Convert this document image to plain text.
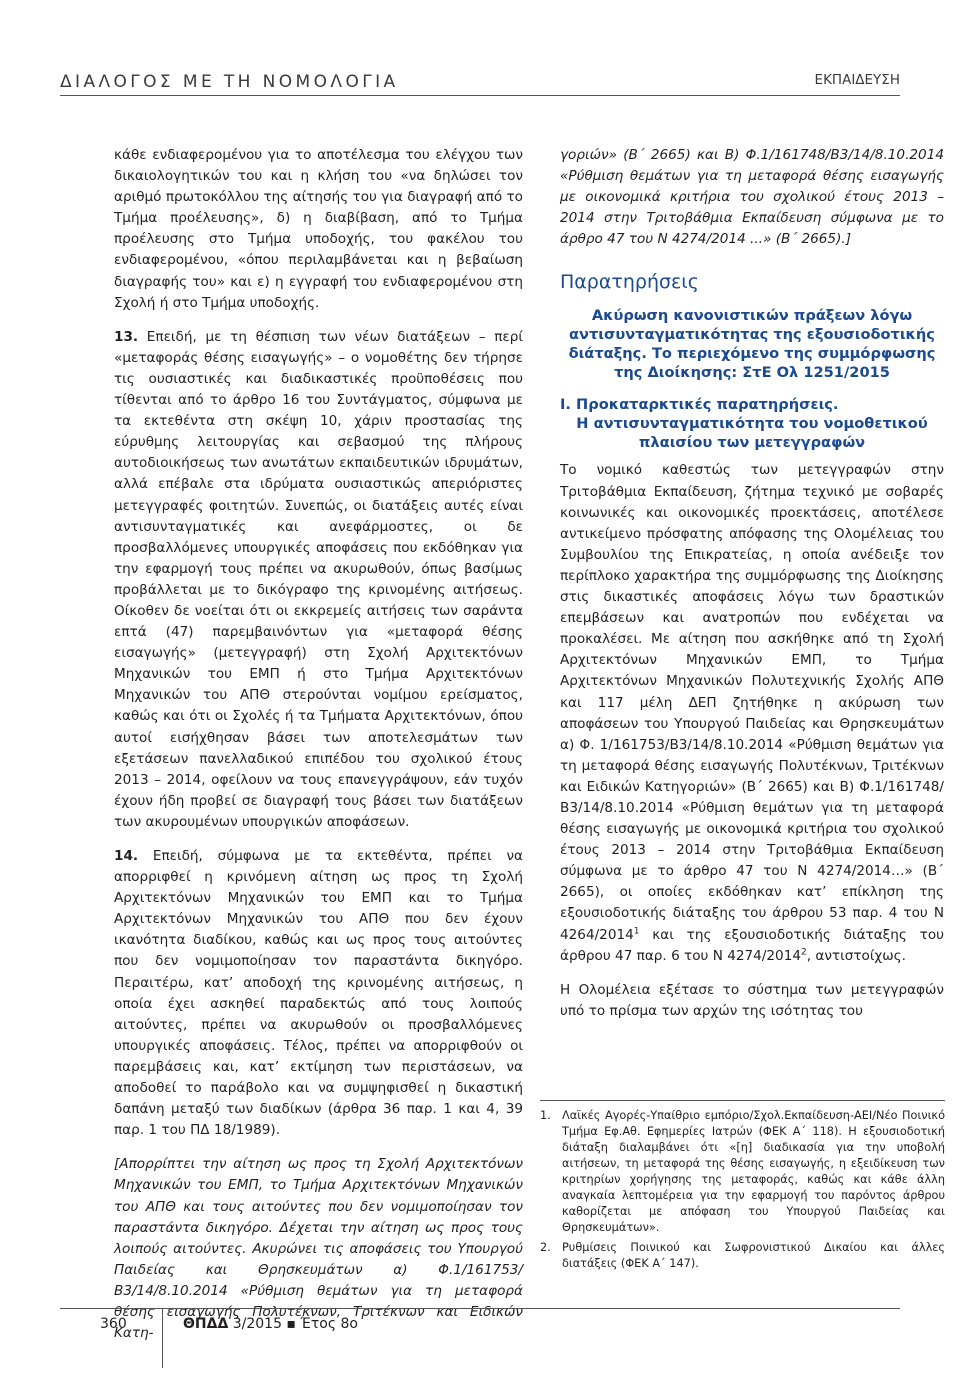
ΔΙΑΛΟΓΟΣ ΜΕ ΤΗ ΝΟΜΟΛΟΓΙΑ	ΕΚΠΑΙΔΕΥΣΗ

κάθε ενδιαφερομένου για το αποτέλεσμα του ελέγχου των δικαιολογητικών του και η κλήση του «να δηλώσει τον αριθμό πρωτοκόλλου της αίτησής του για διαγραφή από το Τμήμα προέλευσης», δ) η διαβίβαση, από το Τμήμα προέλευσης στο Τμήμα υποδοχής, του φακέλου του ενδιαφερομένου, «όπου περιλαμβάνεται και η βεβαίωση διαγραφής του» και ε) η εγγραφή του ενδιαφερομένου στη Σχολή ή στο Τμήμα υποδοχής.

13. Επειδή, με τη θέσπιση των νέων διατάξεων – περί «μεταφοράς θέσης εισαγωγής» – ο νομοθέτης δεν τήρησε τις ουσιαστικές και διαδικαστικές προϋποθέσεις που τίθενται από το άρθρο 16 του Συντάγματος, σύμφωνα με τα εκτεθέντα στη σκέψη 10, χάριν προστασίας της εύρυθμης λειτουργίας και σεβασμού της πλήρους αυτοδιοικήσεως των ανωτάτων εκπαιδευτικών ιδρυμάτων, αλλά επέβαλε στα ιδρύματα ουσιαστικώς απεριόριστες μετεγγραφές φοιτητών. Συνεπώς, οι διατάξεις αυτές είναι αντισυνταγματικές και ανεφάρμοστες, οι δε προσβαλλόμενες υπουργικές αποφάσεις που εκδόθηκαν για την εφαρμογή τους πρέπει να ακυρωθούν, όπως βασίμως προβάλλεται με το δικόγραφο της κρινομένης αιτήσεως. Οίκοθεν δε νοείται ότι οι εκκρεμείς αιτήσεις των σαράντα επτά (47) παρεμβαινόντων για «μεταφορά θέσης εισαγωγής» (μετεγγραφή) στη Σχολή Αρχιτεκτόνων Μηχανικών του ΕΜΠ ή στο Τμήμα Αρχιτεκτόνων Μηχανικών του ΑΠΘ στερούνται νομίμου ερείσματος, καθώς και ότι οι Σχολές ή τα Τμήματα Αρχιτεκτόνων, όπου αυτοί εισήχθησαν βάσει των αποτελεσμάτων των εξετάσεων πανελλαδικού επιπέδου του σχολικού έτους 2013 – 2014, οφείλουν να τους επανεγγράψουν, εάν τυχόν έχουν ήδη προβεί σε διαγραφή τους βάσει των διατάξεων των ακυρουμένων υπουργικών αποφάσεων.

14. Επειδή, σύμφωνα με τα εκτεθέντα, πρέπει να απορριφθεί η κρινόμενη αίτηση ως προς τη Σχολή Αρχιτεκτόνων Μηχανικών του ΕΜΠ και το Τμήμα Αρχιτεκτόνων Μηχανικών του ΑΠΘ που δεν έχουν ικανότητα διαδίκου, καθώς και ως προς τους αιτούντες που δεν νομιμοποίησαν τον παραστάντα δικηγόρο. Περαιτέρω, κατ’ αποδοχή της κρινομένης αιτήσεως, η οποία έχει ασκηθεί παραδεκτώς από τους λοιπούς αιτούντες, πρέπει να ακυρωθούν οι προσβαλλόμενες υπουργικές αποφάσεις. Τέλος, πρέπει να απορριφθούν οι παρεμβάσεις και, κατ’ εκτίμηση των περιστάσεων, να αποδοθεί το παράβολο και να συμψηφισθεί η δικαστική δαπάνη μεταξύ των διαδίκων (άρθρα 36 παρ. 1 και 4, 39 παρ. 1 του ΠΔ 18/1989).

[Απορρίπτει την αίτηση ως προς τη Σχολή Αρχιτεκτόνων Μηχανικών του ΕΜΠ, το Τμήμα Αρχιτεκτόνων Μηχανικών του ΑΠΘ και τους αιτούντες που δεν νομιμοποίησαν τον παραστάντα δικηγόρο. Δέχεται την αίτηση ως προς τους λοιπούς αιτούντες. Ακυρώνει τις αποφάσεις του Υπουργού Παιδείας και Θρησκευμάτων α) Φ.1/161753/ Β3/14/8.10.2014 «Ρύθμιση θεμάτων για τη μεταφορά θέσης εισαγωγής Πολυτέκνων, Τριτέκνων και Ειδικών Κατη-

γοριών» (Β΄ 2665) και Β) Φ.1/161748/Β3/14/8.10.2014 «Ρύθμιση θεμάτων για τη μεταφορά θέσης εισαγωγής με οικονομικά κριτήρια του σχολικού έτους 2013 – 2014 στην Τριτοβάθμια Εκπαίδευση σύμφωνα με το άρθρο 47 του Ν 4274/2014 ...» (Β΄ 2665).]

Παρατηρήσεις
Ακύρωση κανονιστικών πράξεων λόγω αντισυνταγματικότητας της εξουσιοδοτικής διάταξης. Το περιεχόμενο της συμμόρφωσης της Διοίκησης: ΣτΕ Ολ 1251/2015
Ι. Προκαταρκτικές παρατηρήσεις.
Η αντισυνταγματικότητα του νομοθετικού πλαισίου των μετεγγραφών

Το νομικό καθεστώς των μετεγγραφών στην Τριτοβάθμια Εκπαίδευση, ζήτημα τεχνικό με σοβαρές κοινωνικές και οικονομικές προεκτάσεις, αποτέλεσε αντικείμενο πρόσφατης απόφασης της Ολομέλειας του Συμβουλίου της Επικρατείας, η οποία ανέδειξε τον περίπλοκο χαρακτήρα της συμμόρφωσης της Διοίκησης στις δικαστικές αποφάσεις λόγω των δραστικών επεμβάσεων και ανατροπών που ενδέχεται να προκαλέσει. Με αίτηση που ασκήθηκε από τη Σχολή Αρχιτεκτόνων Μηχανικών ΕΜΠ, το Τμήμα Αρχιτεκτόνων Μηχανικών Πολυτεχνικής Σχολής ΑΠΘ και 117 μέλη ΔΕΠ ζητήθηκε η ακύρωση των αποφάσεων του Υπουργού Παιδείας και Θρησκευμάτων α) Φ. 1/161753/Β3/14/8.10.2014 «Ρύθμιση θεμάτων για τη μεταφορά θέσης εισαγωγής Πολυτέκνων, Τριτέκνων και Ειδικών Κατηγοριών» (Β΄ 2665) και Β) Φ.1/161748/Β3/14/8.10.2014 «Ρύθμιση θεμάτων για τη μεταφορά θέσης εισαγωγής με οικονομικά κριτήρια του σχολικού έτους 2013 – 2014 στην Τριτοβάθμια Εκπαίδευση σύμφωνα με το άρθρο 47 του Ν 4274/2014…» (Β΄ 2665), οι οποίες εκδόθηκαν κατ’ επίκληση της εξουσιοδοτικής διάταξης του άρθρου 53 παρ. 4 του Ν 4264/2014$^1$ και της εξουσιοδοτικής διάταξης του άρθρου 47 παρ. 6 του Ν 4274/2014$^2$, αντιστοίχως.

Η Ολομέλεια εξέτασε το σύστημα των μετεγγραφών υπό το πρίσμα των αρχών της ισότητας του

1. Λαϊκές Αγορές-Υπαίθριο εμπόριο/Σχολ.Εκπαίδευση-ΑΕΙ/Νέο Ποινικό Τμήμα Εφ.Αθ. Εφημερίες Ιατρών (ΦΕΚ Α΄ 118). Η εξουσιοδοτική διάταξη διαλαμβάνει ότι «[η] διαδικασία για την υποβολή αιτήσεων, τη μεταφορά της θέσης εισαγωγής, η εξειδίκευση των κριτηρίων χορήγησης της μεταφοράς, καθώς και κάθε άλλη αναγκαία λεπτομέρεια για την εφαρμογή του παρόντος άρθρου καθορίζεται με απόφαση του Υπουργού Παιδείας και Θρησκευμάτων».
2. Ρυθμίσεις Ποινικού και Σωφρονιστικού Δικαίου και άλλες διατάξεις (ΦΕΚ Α΄ 147).
360	ΘΠΔΔ 3/2015 ▪ Έτος 8ο
